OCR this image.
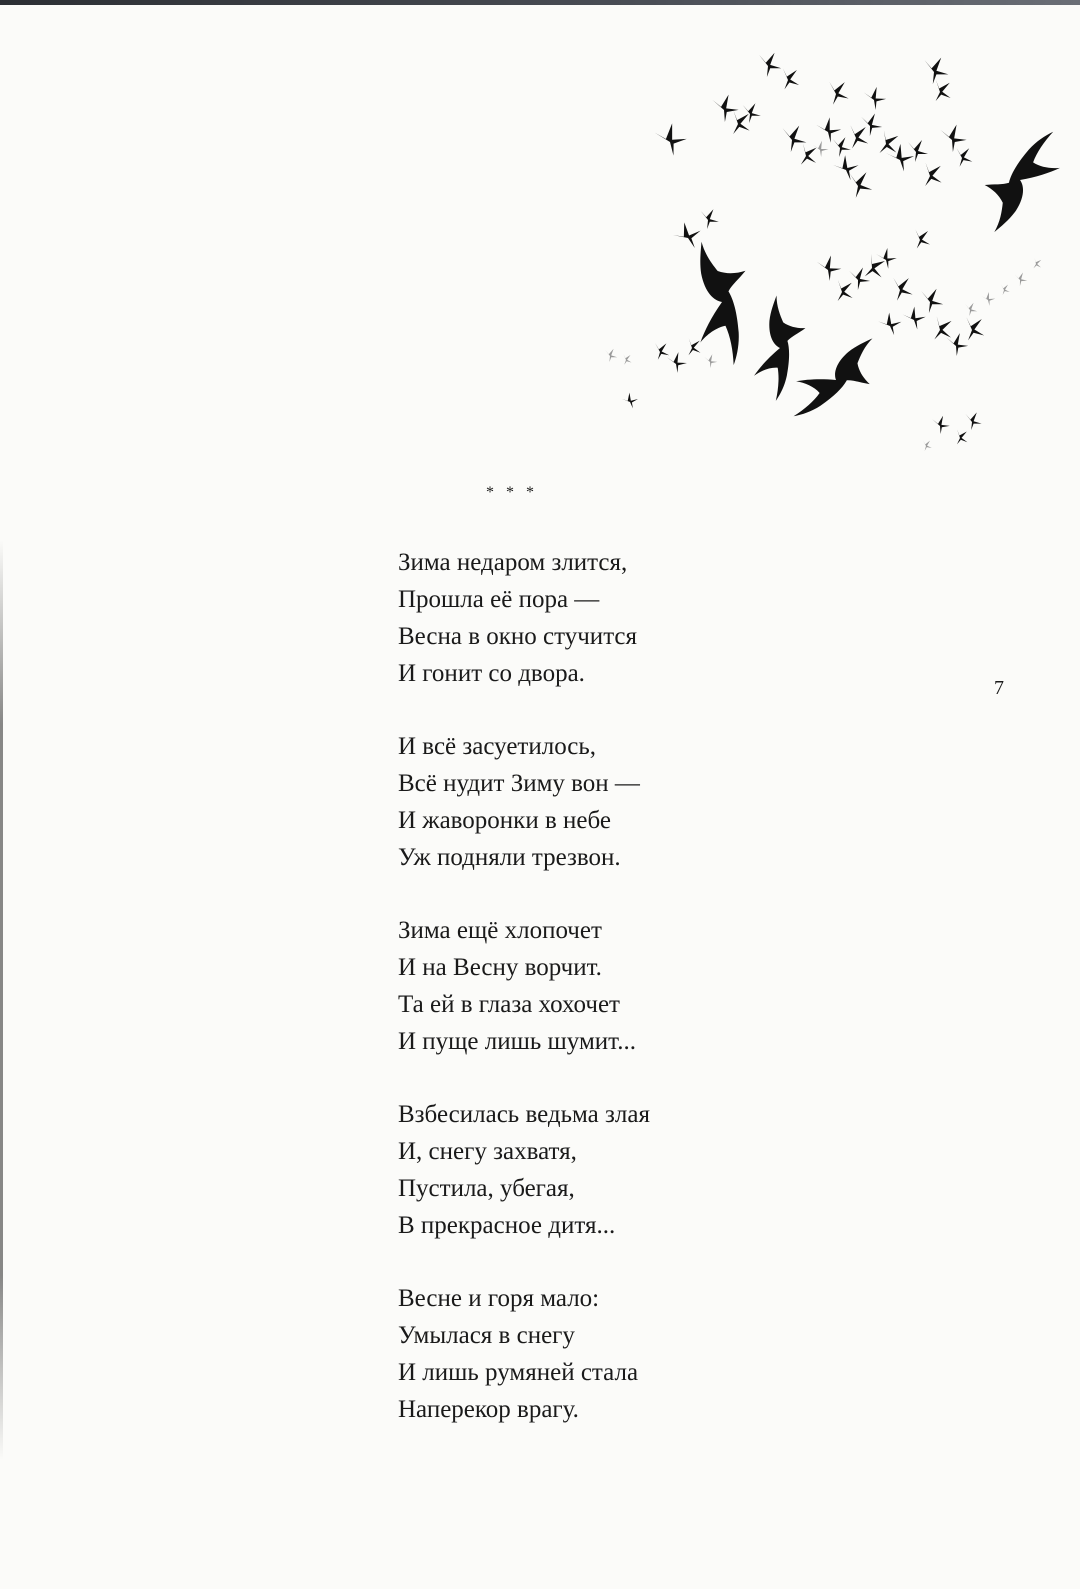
* * *
Зима недаром злится,
Прошла её пора —
Весна в окно стучится
И гонит со двора.
И всё засуетилось,
Всё нудит Зиму вон —
И жаворонки в небе
Уж подняли трезвон.
Зима ещё хлопочет
И на Весну ворчит.
Та ей в глаза хохочет
И пуще лишь шумит...
Взбесилась ведьма злая
И, снегу захватя,
Пустила, убегая,
В прекрасное дитя...
Весне и горя мало:
Умылася в снегу
И лишь румяней стала
Наперекор врагу.
7
